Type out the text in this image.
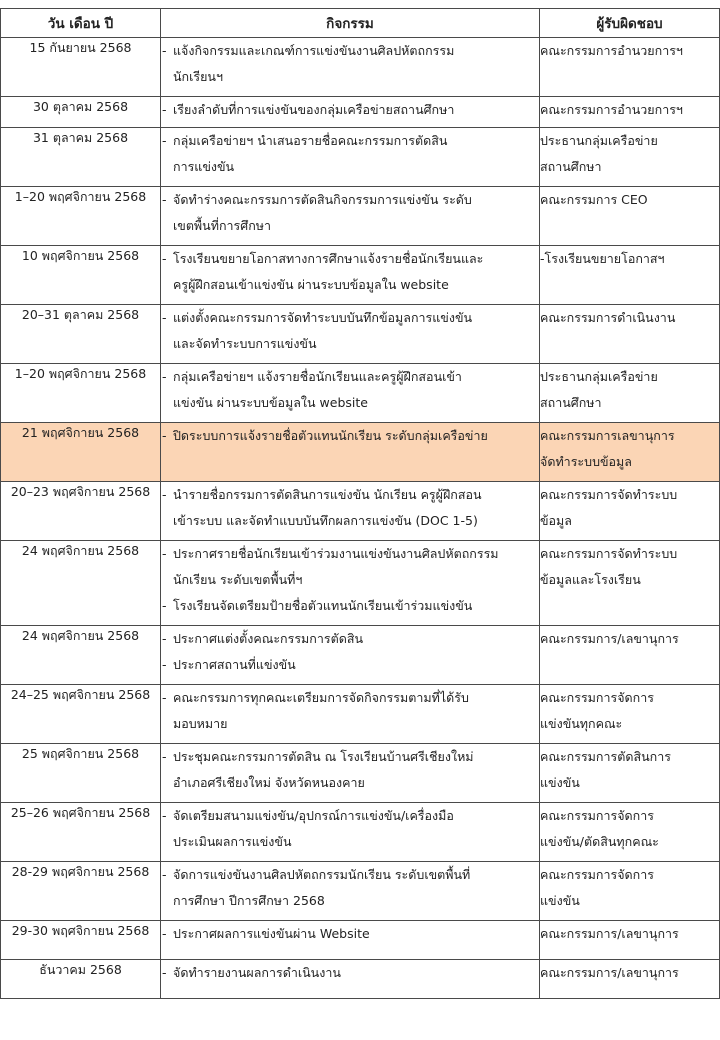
วัน เดือน ปี	กิจกรรม	ผู้รับผิดชอบ
15 กันยายน 2568	- แจ้งกิจกรรมและเกณฑ์การแข่งขันงานศิลปหัตถกรรม
นักเรียนฯ	คณะกรรมการอำนวยการฯ

30 ตุลาคม 2568	- เรียงลำดับที่การแข่งขันของกลุ่มเครือข่ายสถานศึกษา	คณะกรรมการอำนวยการฯ

31 ตุลาคม 2568	- กลุ่มเครือข่ายฯ นำเสนอรายชื่อคณะกรรมการตัดสิน
การแข่งขัน	ประธานกลุ่มเครือข่าย
สถานศึกษา

1–20 พฤศจิกายน 2568	- จัดทำร่างคณะกรรมการตัดสินกิจกรรมการแข่งขัน ระดับ
เขตพื้นที่การศึกษา	คณะกรรมการ CEO

10 พฤศจิกายน 2568	- โรงเรียนขยายโอกาสทางการศึกษาแจ้งรายชื่อนักเรียนและ
ครูผู้ฝึกสอนเข้าแข่งขัน ผ่านระบบข้อมูลใน website	-โรงเรียนขยายโอกาสฯ

20–31 ตุลาคม 2568	- แต่งตั้งคณะกรรมการจัดทำระบบบันทึกข้อมูลการแข่งขัน
และจัดทำระบบการแข่งขัน	คณะกรรมการดำเนินงาน

1–20 พฤศจิกายน 2568	- กลุ่มเครือข่ายฯ แจ้งรายชื่อนักเรียนและครูผู้ฝึกสอนเข้า
แข่งขัน ผ่านระบบข้อมูลใน website	ประธานกลุ่มเครือข่าย
สถานศึกษา

21 พฤศจิกายน 2568	- ปิดระบบการแจ้งรายชื่อตัวแทนนักเรียน ระดับกลุ่มเครือข่าย	คณะกรรมการเลขานุการ
จัดทำระบบข้อมูล

20–23 พฤศจิกายน 2568	- นำรายชื่อกรรมการตัดสินการแข่งขัน นักเรียน ครูผู้ฝึกสอน
เข้าระบบ และจัดทำแบบบันทึกผลการแข่งขัน (DOC 1-5)	คณะกรรมการจัดทำระบบ
ข้อมูล

24 พฤศจิกายน 2568	- ประกาศรายชื่อนักเรียนเข้าร่วมงานแข่งขันงานศิลปหัตถกรรม
นักเรียน ระดับเขตพื้นที่ฯ
- โรงเรียนจัดเตรียมป้ายชื่อตัวแทนนักเรียนเข้าร่วมแข่งขัน	คณะกรรมการจัดทำระบบ
ข้อมูลและโรงเรียน

24 พฤศจิกายน 2568	- ประกาศแต่งตั้งคณะกรรมการตัดสิน
- ประกาศสถานที่แข่งขัน	คณะกรรมการ/เลขานุการ

24–25 พฤศจิกายน 2568	- คณะกรรมการทุกคณะเตรียมการจัดกิจกรรมตามที่ได้รับ
มอบหมาย	คณะกรรมการจัดการ
แข่งขันทุกคณะ

25 พฤศจิกายน 2568	- ประชุมคณะกรรมการตัดสิน ณ โรงเรียนบ้านศรีเชียงใหม่
อำเภอศรีเชียงใหม่ จังหวัดหนองคาย	คณะกรรมการตัดสินการ
แข่งขัน

25–26 พฤศจิกายน 2568	- จัดเตรียมสนามแข่งขัน/อุปกรณ์การแข่งขัน/เครื่องมือ
ประเมินผลการแข่งขัน	คณะกรรมการจัดการ
แข่งขัน/ตัดสินทุกคณะ

28-29 พฤศจิกายน 2568	- จัดการแข่งขันงานศิลปหัตถกรรมนักเรียน ระดับเขตพื้นที่
การศึกษา ปีการศึกษา 2568	คณะกรรมการจัดการ
แข่งขัน

29-30 พฤศจิกายน 2568	- ประกาศผลการแข่งขันผ่าน Website	คณะกรรมการ/เลขานุการ

ธันวาคม 2568	- จัดทำรายงานผลการดำเนินงาน	คณะกรรมการ/เลขานุการ
